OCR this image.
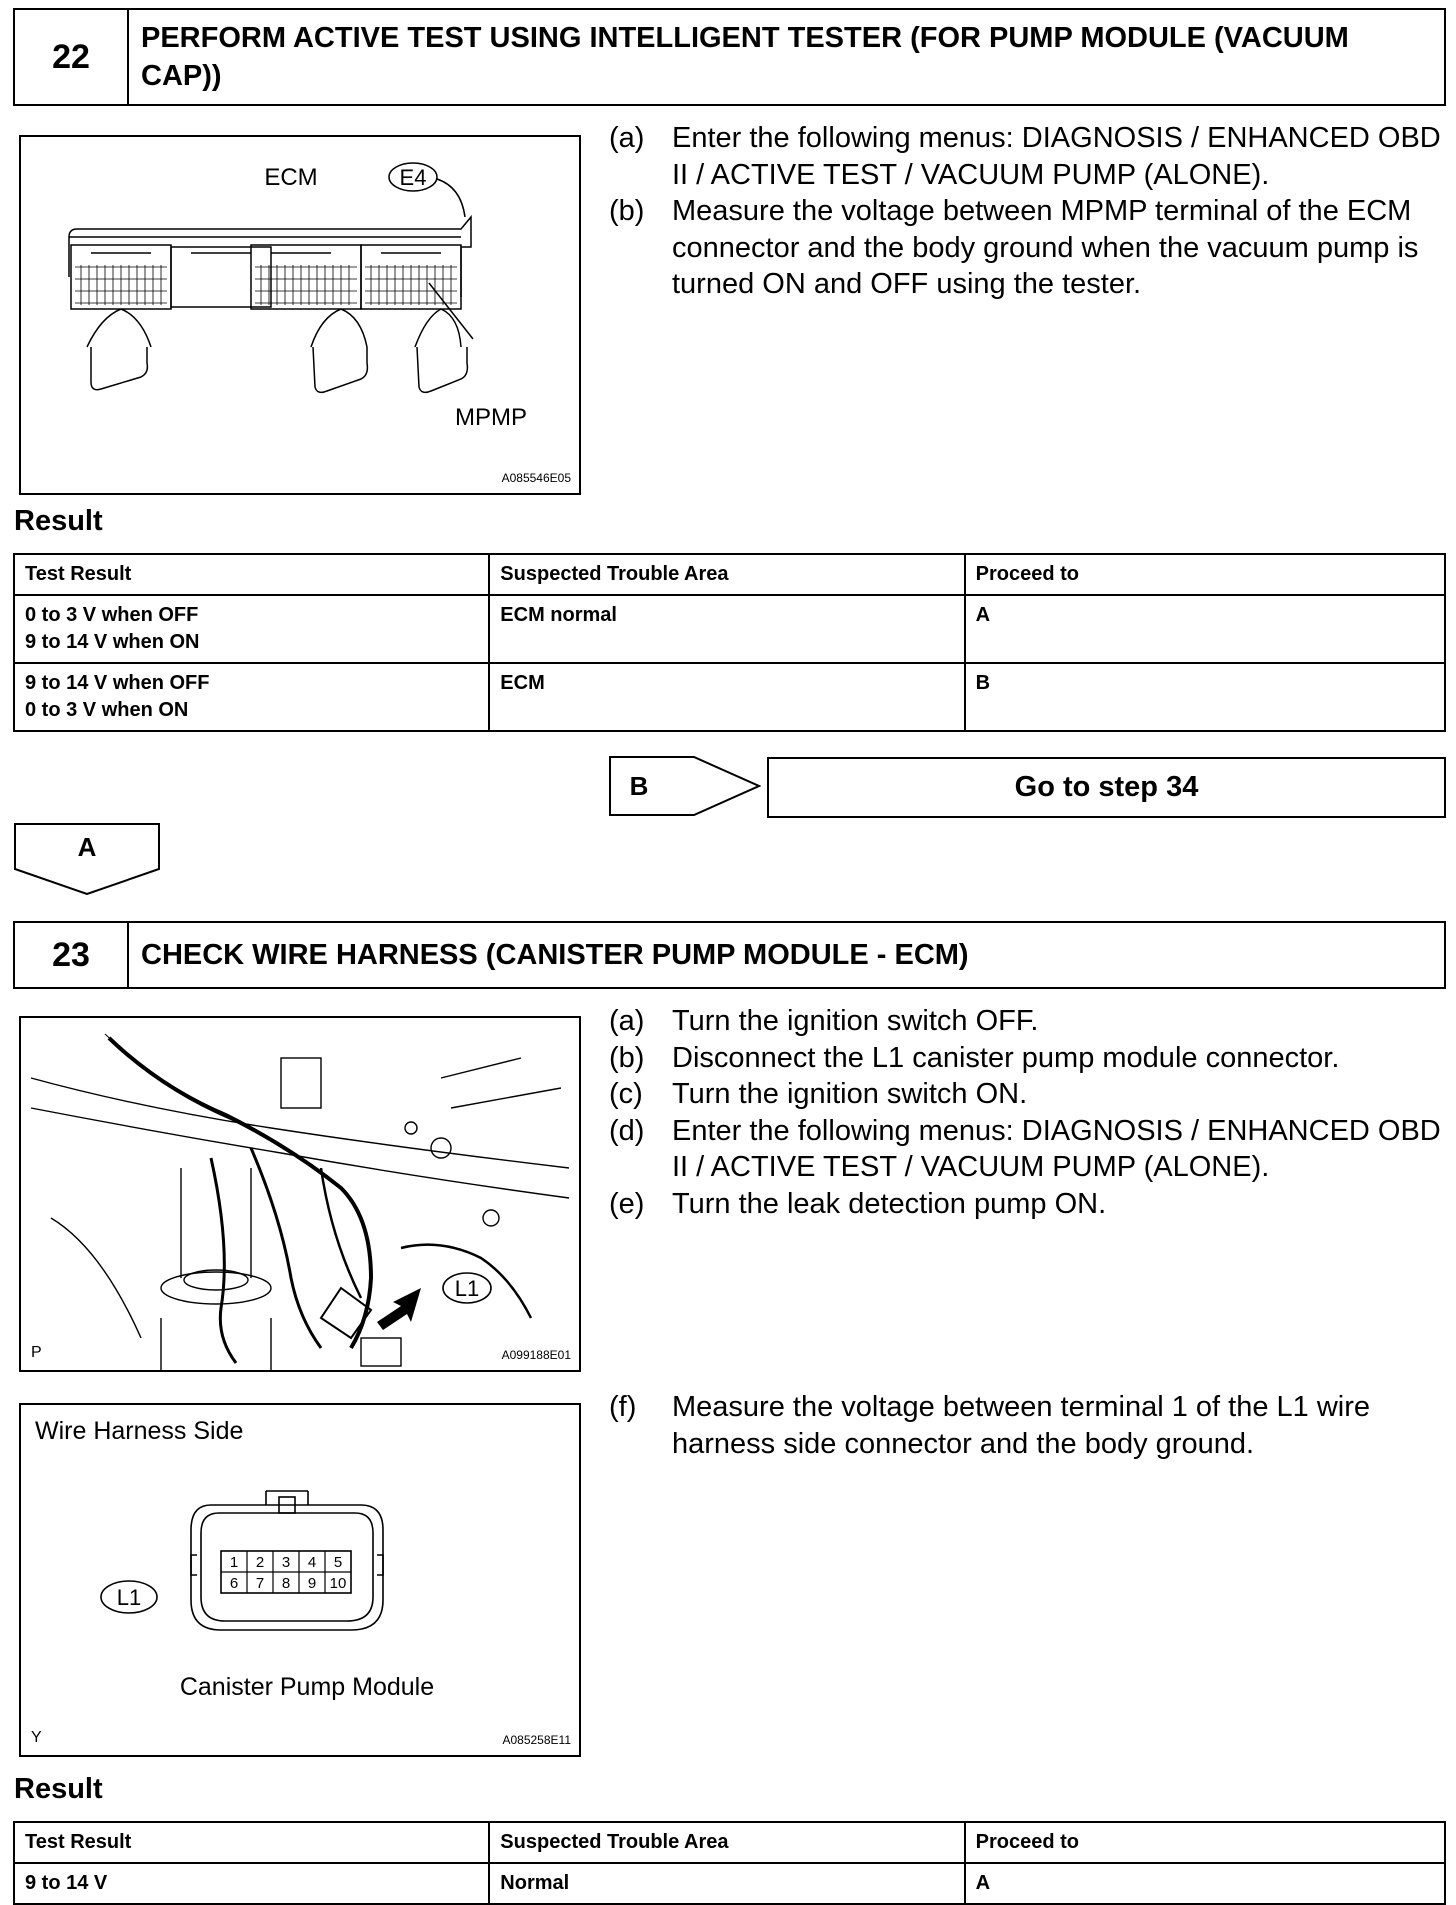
22	PERFORM ACTIVE TEST USING INTELLIGENT TESTER (FOR PUMP MODULE (VACUUM CAP))
ECM	E4
MPMP
A085546E05
(a) Enter the following menus: DIAGNOSIS / ENHANCED OBD II / ACTIVE TEST / VACUUM PUMP (ALONE).
(b) Measure the voltage between MPMP terminal of the ECM connector and the body ground when the vacuum pump is turned ON and OFF using the tester.
Result
Test Result	Suspected Trouble Area	Proceed to
0 to 3 V when OFF
9 to 14 V when ON	ECM normal	A
9 to 14 V when OFF
0 to 3 V when ON	ECM	B
B	Go to step 34
A
23	CHECK WIRE HARNESS (CANISTER PUMP MODULE - ECM)
L1
P	A099188E01
(a) Turn the ignition switch OFF.
(b) Disconnect the L1 canister pump module connector.
(c)	Turn the ignition switch ON.
(d) Enter the following menus: DIAGNOSIS / ENHANCED OBD II / ACTIVE TEST / VACUUM PUMP (ALONE).
(e) Turn the leak detection pump ON.
Wire Harness Side
1 2 3 4 5
6 7 8 9 10
L1
Canister Pump Module
Y	A085258E11
(f)	Measure the voltage between terminal 1 of the L1 wire harness side connector and the body ground.
Result
Test Result	Suspected Trouble Area	Proceed to
9 to 14 V	Normal	A
